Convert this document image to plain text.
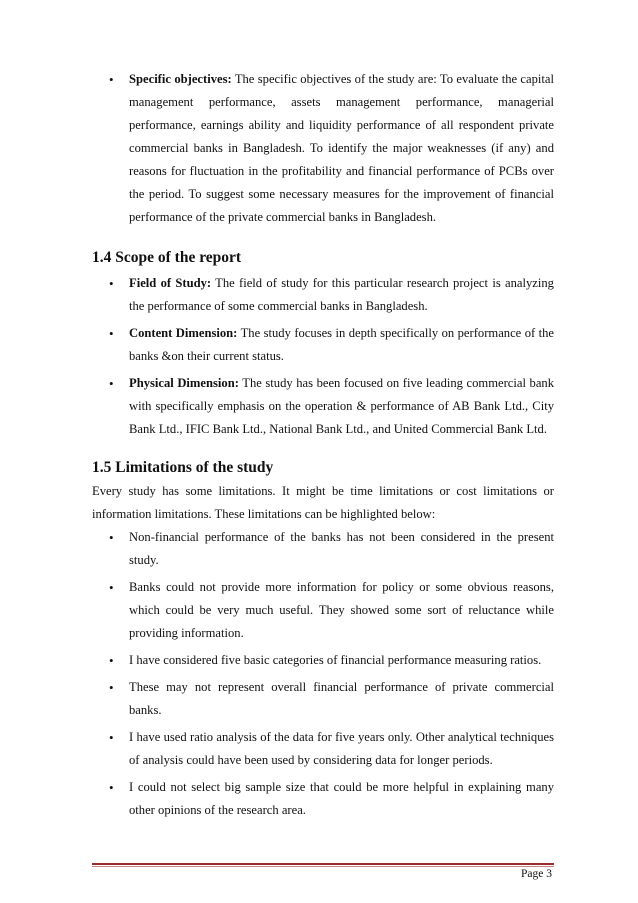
• Specific objectives: The specific objectives of the study are: To evaluate the capital management performance, assets management performance, managerial performance, earnings ability and liquidity performance of all respondent private commercial banks in Bangladesh. To identify the major weaknesses (if any) and reasons for fluctuation in the profitability and financial performance of PCBs over the period. To suggest some necessary measures for the improvement of financial performance of the private commercial banks in Bangladesh.
1.4 Scope of the report
• Field of Study: The field of study for this particular research project is analyzing the performance of some commercial banks in Bangladesh.
• Content Dimension: The study focuses in depth specifically on performance of the banks &on their current status.
• Physical Dimension: The study has been focused on five leading commercial bank with specifically emphasis on the operation & performance of AB Bank Ltd., City Bank Ltd., IFIC Bank Ltd., National Bank Ltd., and United Commercial Bank Ltd.
1.5 Limitations of the study

Every study has some limitations. It might be time limitations or cost limitations or information limitations. These limitations can be highlighted below:

• Non-financial performance of the banks has not been considered in the present study.
• Banks could not provide more information for policy or some obvious reasons, which could be very much useful. They showed some sort of reluctance while providing information.
• I have considered five basic categories of financial performance measuring ratios.
• These may not represent overall financial performance of private commercial banks.
• I have used ratio analysis of the data for five years only. Other analytical techniques of analysis could have been used by considering data for longer periods.
• I could not select big sample size that could be more helpful in explaining many other opinions of the research area.
Page 3
